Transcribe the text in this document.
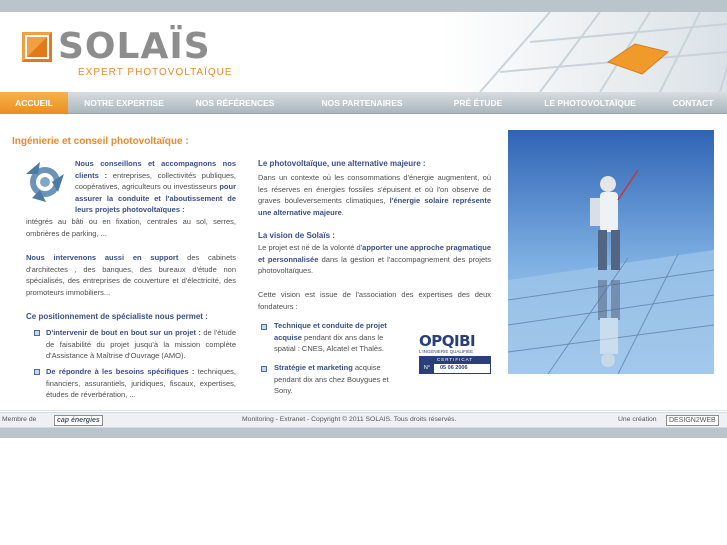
SOLAÏS
EXPERT PHOTOVOLTAÏQUE
ACCUEIL	NOTRE EXPERTISE	NOS RÉFÉRENCES	NOS PARTENAIRES	PRÉ ÉTUDE	LE PHOTOVOLTAÏQUE	CONTACT
Ingénierie et conseil photovoltaïque :
Nous conseillons et accompagnons nos clients : entreprises, collectivités publiques, coopératives, agriculteurs ou investisseurs pour assurer la conduite et l'aboutissement de leurs projets photovoltaïques :
intégrés au bâti ou en fixation, centrales au sol, serres, ombrières de parking, ...
Nous intervenons aussi en support des cabinets d'architectes , des banques, des bureaux d'étude non spécialisés, des entreprises de couverture et d'électricité, des promoteurs immobiliers...
Ce positionnement de spécialiste nous permet :
D'intervenir de bout en bout sur un projet : de l'étude de faisabilité du projet jusqu'à la mission complète d'Assistance à Maîtrise d'Ouvrage (AMO).
De répondre à les besoins spécifiques : techniques, financiers, assurantiels, juridiques, fiscaux, expertises, études de réverbération, ...
Le photovoltaïque, une alternative majeure :
Dans un contexte où les consommations d'énergie augmentent, où les réserves en énergies fossiles s'épuisent et où l'on observe de graves bouleversements climatiques, l'énergie solaire représente une alternative majeure.
La vision de Solaïs :
Le projet est né de la volonté d'apporter une approche pragmatique et personnalisée dans la gestion et l'accompagnement des projets photovoltaïques.
Cette vision est issue de l'association des expertises des deux fondateurs :
Technique et conduite de projet acquise pendant dix ans dans le spatial : CNES, Alcatel et Thalès.
Stratégie et marketing acquise pendant dix ans chez Bouygues et Sony.
OPQIBI
L'INGÉNIERIE QUALIFIÉE
CERTIFICAT
N°	05 06 2006
Membre de	cap énergies	Monitoring - Extranet - Copyright © 2011 SOLAIS. Tous droits réservés.	Une création	DESIGN2WEB
